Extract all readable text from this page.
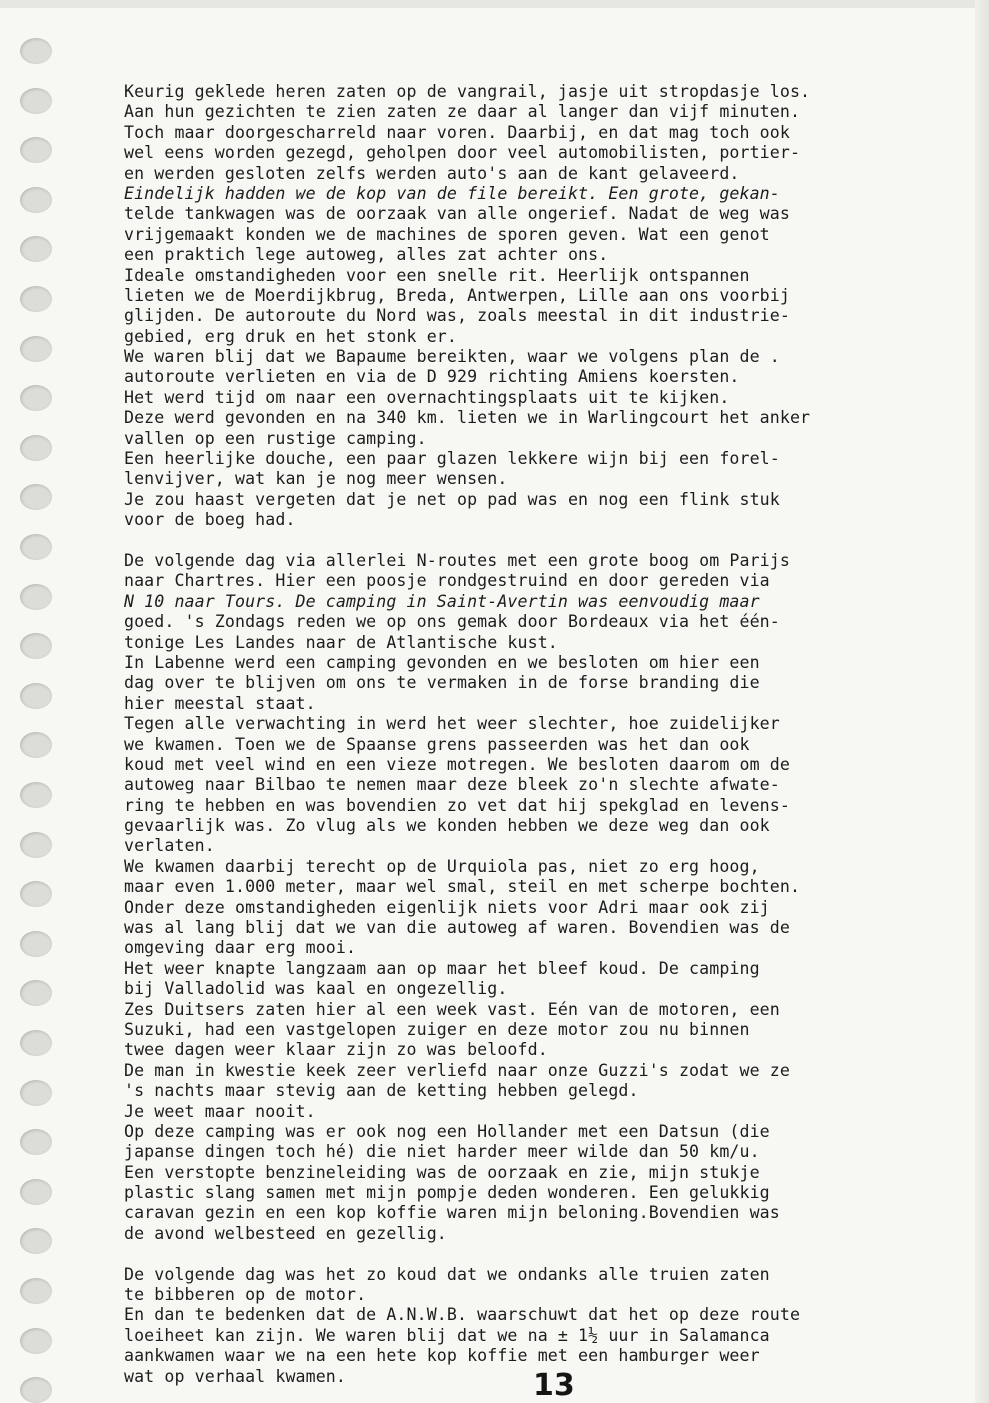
Keurig geklede heren zaten op de vangrail, jasje uit stropdasje los.
Aan hun gezichten te zien zaten ze daar al langer dan vijf minuten.
Toch maar doorgescharreld naar voren. Daarbij, en dat mag toch ook
wel eens worden gezegd, geholpen door veel automobilisten, portier-
en werden gesloten zelfs werden auto's aan de kant gelaveerd.
Eindelijk hadden we de kop van de file bereikt. Een grote, gekan-
telde tankwagen was de oorzaak van alle ongerief. Nadat de weg was
vrijgemaakt konden we de machines de sporen geven. Wat een genot
een praktich lege autoweg, alles zat achter ons.
Ideale omstandigheden voor een snelle rit. Heerlijk ontspannen
lieten we de Moerdijkbrug, Breda, Antwerpen, Lille aan ons voorbij
glijden. De autoroute du Nord was, zoals meestal in dit industrie-
gebied, erg druk en het stonk er.
We waren blij dat we Bapaume bereikten, waar we volgens plan de .
autoroute verlieten en via de D 929 richting Amiens koersten.
Het werd tijd om naar een overnachtingsplaats uit te kijken.
Deze werd gevonden en na 340 km. lieten we in Warlingcourt het anker
vallen op een rustige camping.
Een heerlijke douche, een paar glazen lekkere wijn bij een forel-
lenvijver, wat kan je nog meer wensen.
Je zou haast vergeten dat je net op pad was en nog een flink stuk
voor de boeg had.
De volgende dag via allerlei N-routes met een grote boog om Parijs
naar Chartres. Hier een poosje rondgestruind en door gereden via
N 10 naar Tours. De camping in Saint-Avertin was eenvoudig maar
goed. 's Zondags reden we op ons gemak door Bordeaux via het één-
tonige Les Landes naar de Atlantische kust.
In Labenne werd een camping gevonden en we besloten om hier een
dag over te blijven om ons te vermaken in de forse branding die
hier meestal staat.
Tegen alle verwachting in werd het weer slechter, hoe zuidelijker
we kwamen. Toen we de Spaanse grens passeerden was het dan ook
koud met veel wind en een vieze motregen. We besloten daarom om de
autoweg naar Bilbao te nemen maar deze bleek zo'n slechte afwate-
ring te hebben en was bovendien zo vet dat hij spekglad en levens-
gevaarlijk was. Zo vlug als we konden hebben we deze weg dan ook
verlaten.
We kwamen daarbij terecht op de Urquiola pas, niet zo erg hoog,
maar even 1.000 meter, maar wel smal, steil en met scherpe bochten.
Onder deze omstandigheden eigenlijk niets voor Adri maar ook zij
was al lang blij dat we van die autoweg af waren. Bovendien was de
omgeving daar erg mooi.
Het weer knapte langzaam aan op maar het bleef koud. De camping
bij Valladolid was kaal en ongezellig.
Zes Duitsers zaten hier al een week vast. Eén van de motoren, een
Suzuki, had een vastgelopen zuiger en deze motor zou nu binnen
twee dagen weer klaar zijn zo was beloofd.
De man in kwestie keek zeer verliefd naar onze Guzzi's zodat we ze
's nachts maar stevig aan de ketting hebben gelegd.
Je weet maar nooit.
Op deze camping was er ook nog een Hollander met een Datsun (die
japanse dingen toch hé) die niet harder meer wilde dan 50 km/u.
Een verstopte benzineleiding was de oorzaak en zie, mijn stukje
plastic slang samen met mijn pompje deden wonderen. Een gelukkig
caravan gezin en een kop koffie waren mijn beloning.Bovendien was
de avond welbesteed en gezellig.
De volgende dag was het zo koud dat we ondanks alle truien zaten
te bibberen op de motor.
En dan te bedenken dat de A.N.W.B. waarschuwt dat het op deze route
loeiheet kan zijn. We waren blij dat we na ± 1½ uur in Salamanca
aankwamen waar we na een hete kop koffie met een hamburger weer
wat op verhaal kwamen.	13
